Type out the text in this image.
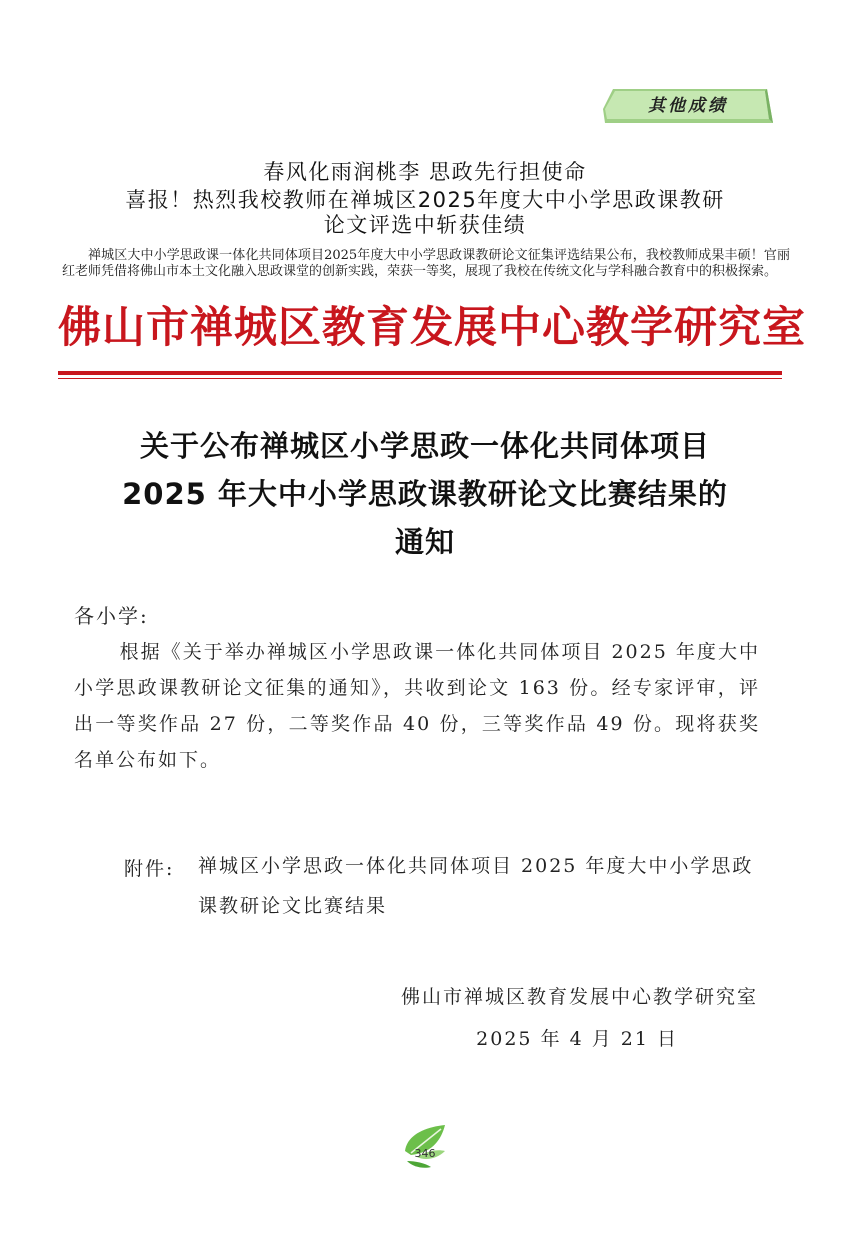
其他成绩
春风化雨润桃李 思政先行担使命
喜报！热烈我校教师在禅城区2025年度大中小学思政课教研
论文评选中斩获佳绩
禅城区大中小学思政课一体化共同体项目2025年度大中小学思政课教研论文征集评选结果公布，我校教师成果丰硕！官丽红老师凭借将佛山市本土文化融入思政课堂的创新实践，荣获一等奖，展现了我校在传统文化与学科融合教育中的积极探索。
佛山市禅城区教育发展中心教学研究室
关于公布禅城区小学思政一体化共同体项目
2025 年大中小学思政课教研论文比赛结果的
通知
各小学:
根据《关于举办禅城区小学思政课一体化共同体项目 2025 年度大中小学思政课教研论文征集的通知》，共收到论文 163 份。经专家评审，评出一等奖作品 27 份，二等奖作品 40 份，三等奖作品 49 份。现将获奖名单公布如下。
附件: 禅城区小学思政一体化共同体项目 2025 年度大中小学思政课教研论文比赛结果
佛山市禅城区教育发展中心教学研究室
2025 年 4 月 21 日
346
